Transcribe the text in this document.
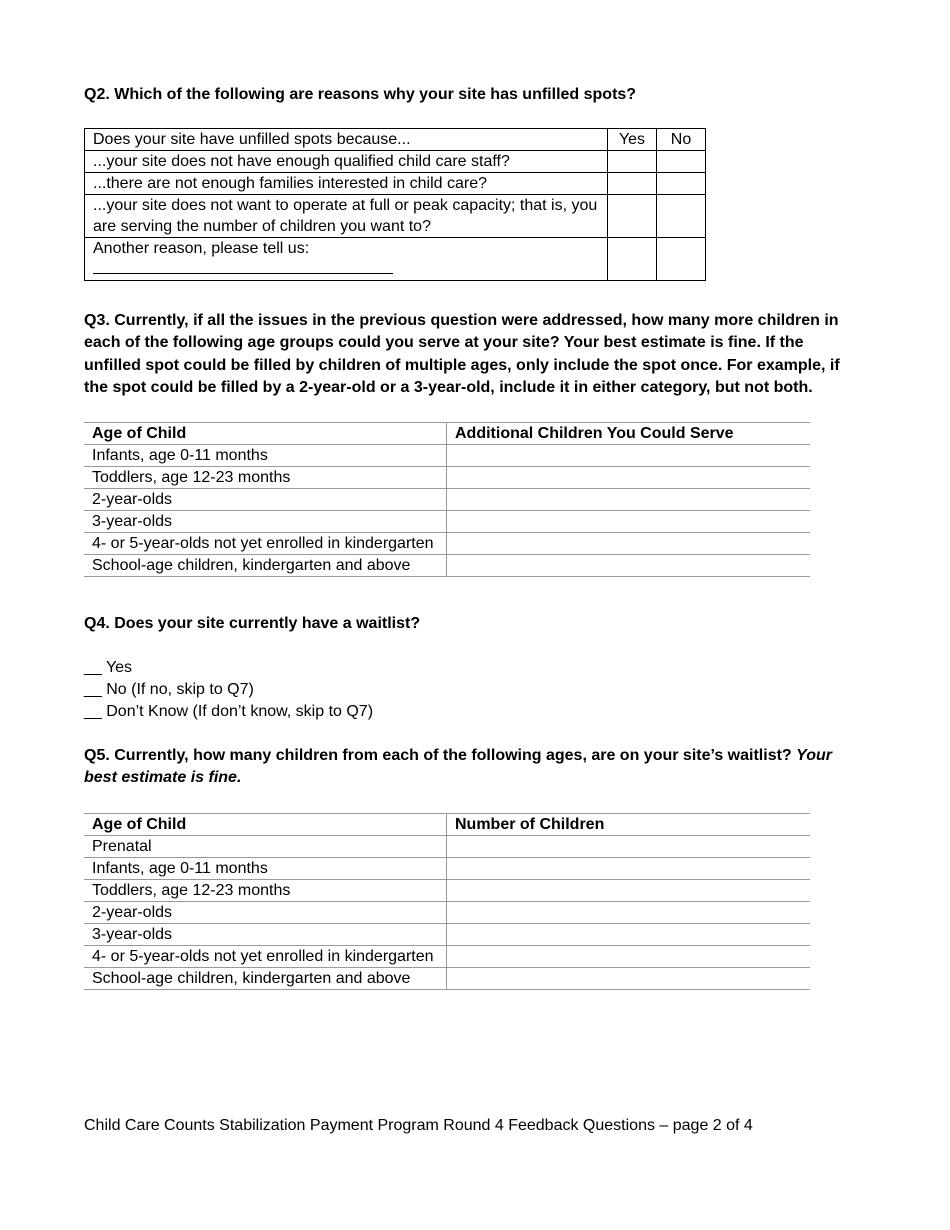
Q2. Which of the following are reasons why your site has unfilled spots?

Does your site have unfilled spots because...	Yes	No
...your site does not have enough qualified child care staff?		
...there are not enough families interested in child care?		
...your site does not want to operate at full or peak capacity; that is, you are serving the number of children you want to?		

Another reason, please tell us:		

Q3. Currently, if all the issues in the previous question were addressed, how many more children in each of the following age groups could you serve at your site? Your best estimate is fine. If the unfilled spot could be filled by children of multiple ages, only include the spot once. For example, if the spot could be filled by a 2-year-old or a 3-year-old, include it in either category, but not both.

Age of Child	Additional Children You Could Serve
Infants, age 0-11 months	
Toddlers, age 12-23 months	
2-year-olds	
3-year-olds	
4- or 5-year-olds not yet enrolled in kindergarten	
School-age children, kindergarten and above	

Q4. Does your site currently have a waitlist?

__ Yes
__ No (If no, skip to Q7)
__ Don’t Know (If don’t know, skip to Q7)

Q5. Currently, how many children from each of the following ages, are on your site’s waitlist? Your best estimate is fine.

Age of Child	Number of Children
Prenatal	
Infants, age 0-11 months	
Toddlers, age 12-23 months	
2-year-olds	
3-year-olds	
4- or 5-year-olds not yet enrolled in kindergarten	
School-age children, kindergarten and above	

Child Care Counts Stabilization Payment Program Round 4 Feedback Questions – page 2 of 4
